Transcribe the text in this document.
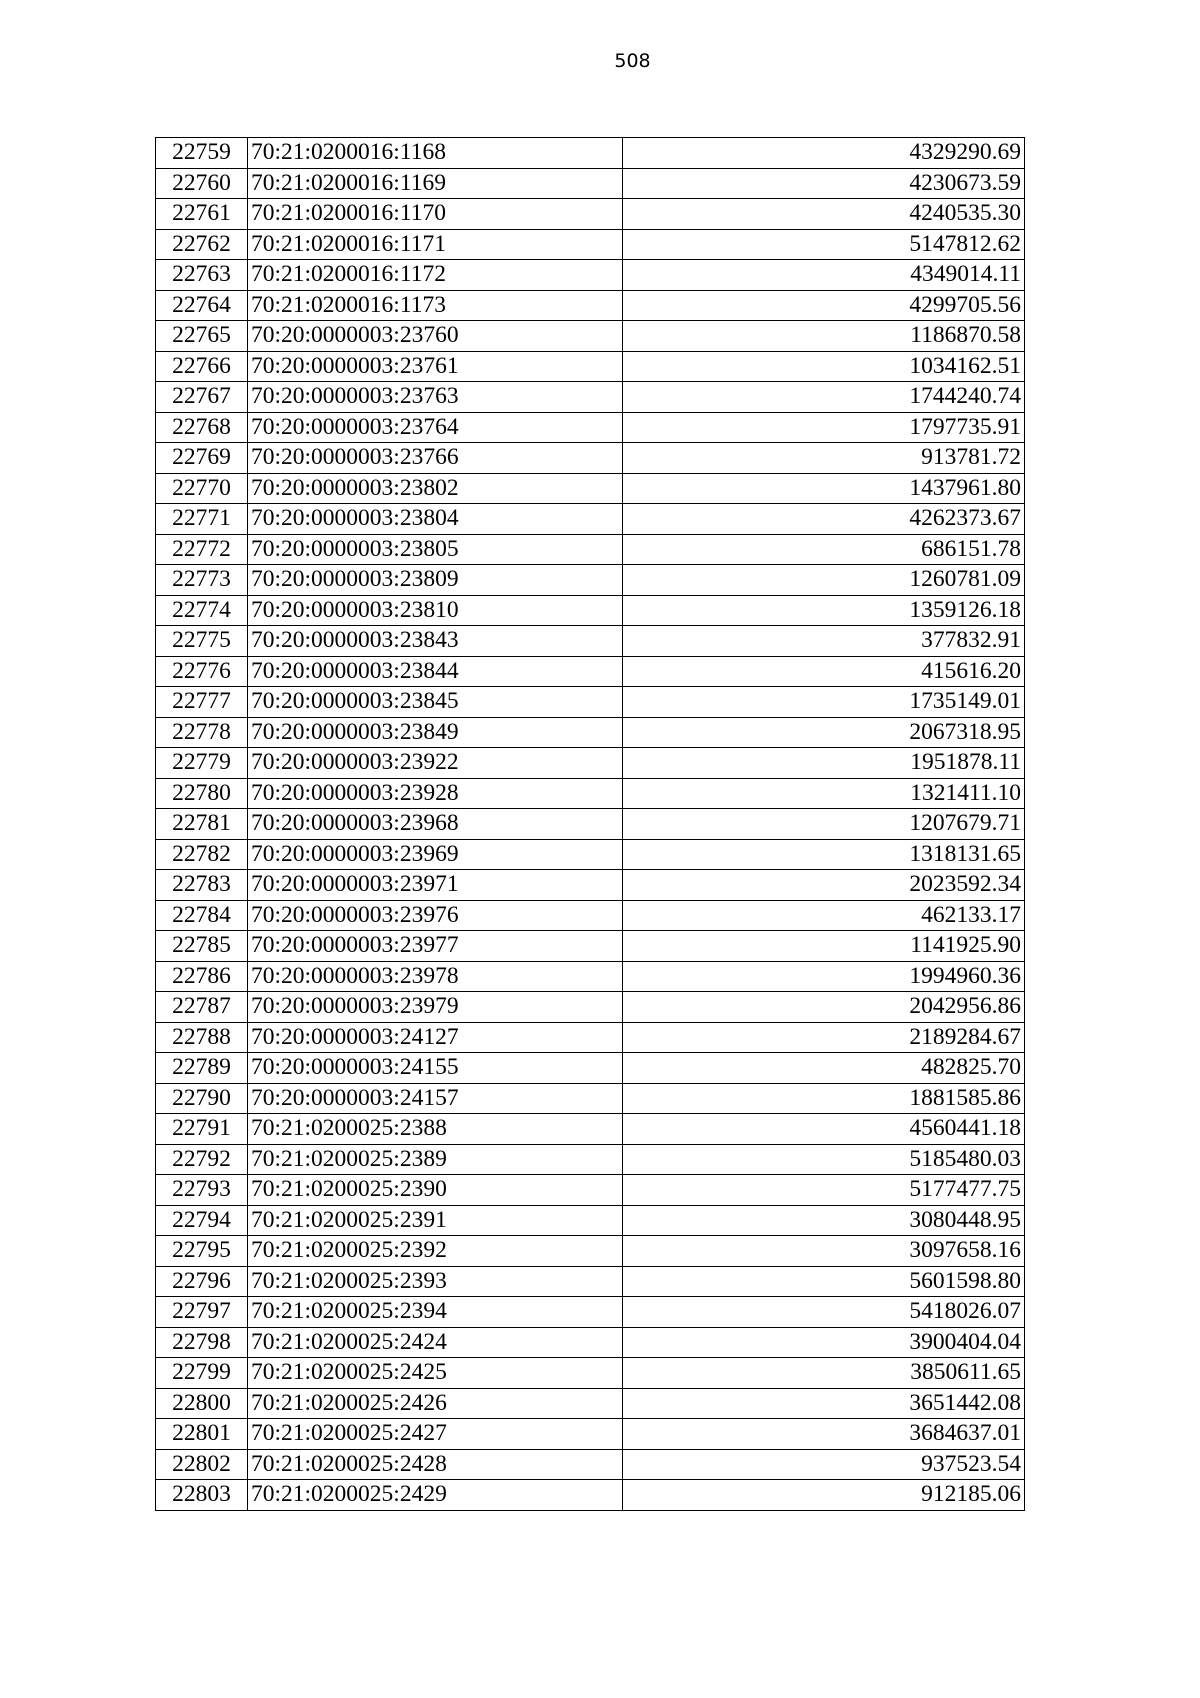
508
22759	70:21:0200016:1168	4329290.69
22760	70:21:0200016:1169	4230673.59
22761	70:21:0200016:1170	4240535.30
22762	70:21:0200016:1171	5147812.62
22763	70:21:0200016:1172	4349014.11
22764	70:21:0200016:1173	4299705.56
22765	70:20:0000003:23760	1186870.58
22766	70:20:0000003:23761	1034162.51
22767	70:20:0000003:23763	1744240.74
22768	70:20:0000003:23764	1797735.91
22769	70:20:0000003:23766	913781.72
22770	70:20:0000003:23802	1437961.80
22771	70:20:0000003:23804	4262373.67
22772	70:20:0000003:23805	686151.78
22773	70:20:0000003:23809	1260781.09
22774	70:20:0000003:23810	1359126.18
22775	70:20:0000003:23843	377832.91
22776	70:20:0000003:23844	415616.20
22777	70:20:0000003:23845	1735149.01
22778	70:20:0000003:23849	2067318.95
22779	70:20:0000003:23922	1951878.11
22780	70:20:0000003:23928	1321411.10
22781	70:20:0000003:23968	1207679.71
22782	70:20:0000003:23969	1318131.65
22783	70:20:0000003:23971	2023592.34
22784	70:20:0000003:23976	462133.17
22785	70:20:0000003:23977	1141925.90
22786	70:20:0000003:23978	1994960.36
22787	70:20:0000003:23979	2042956.86
22788	70:20:0000003:24127	2189284.67
22789	70:20:0000003:24155	482825.70
22790	70:20:0000003:24157	1881585.86
22791	70:21:0200025:2388	4560441.18
22792	70:21:0200025:2389	5185480.03
22793	70:21:0200025:2390	5177477.75
22794	70:21:0200025:2391	3080448.95
22795	70:21:0200025:2392	3097658.16
22796	70:21:0200025:2393	5601598.80
22797	70:21:0200025:2394	5418026.07
22798	70:21:0200025:2424	3900404.04
22799	70:21:0200025:2425	3850611.65
22800	70:21:0200025:2426	3651442.08
22801	70:21:0200025:2427	3684637.01
22802	70:21:0200025:2428	937523.54
22803	70:21:0200025:2429	912185.06
